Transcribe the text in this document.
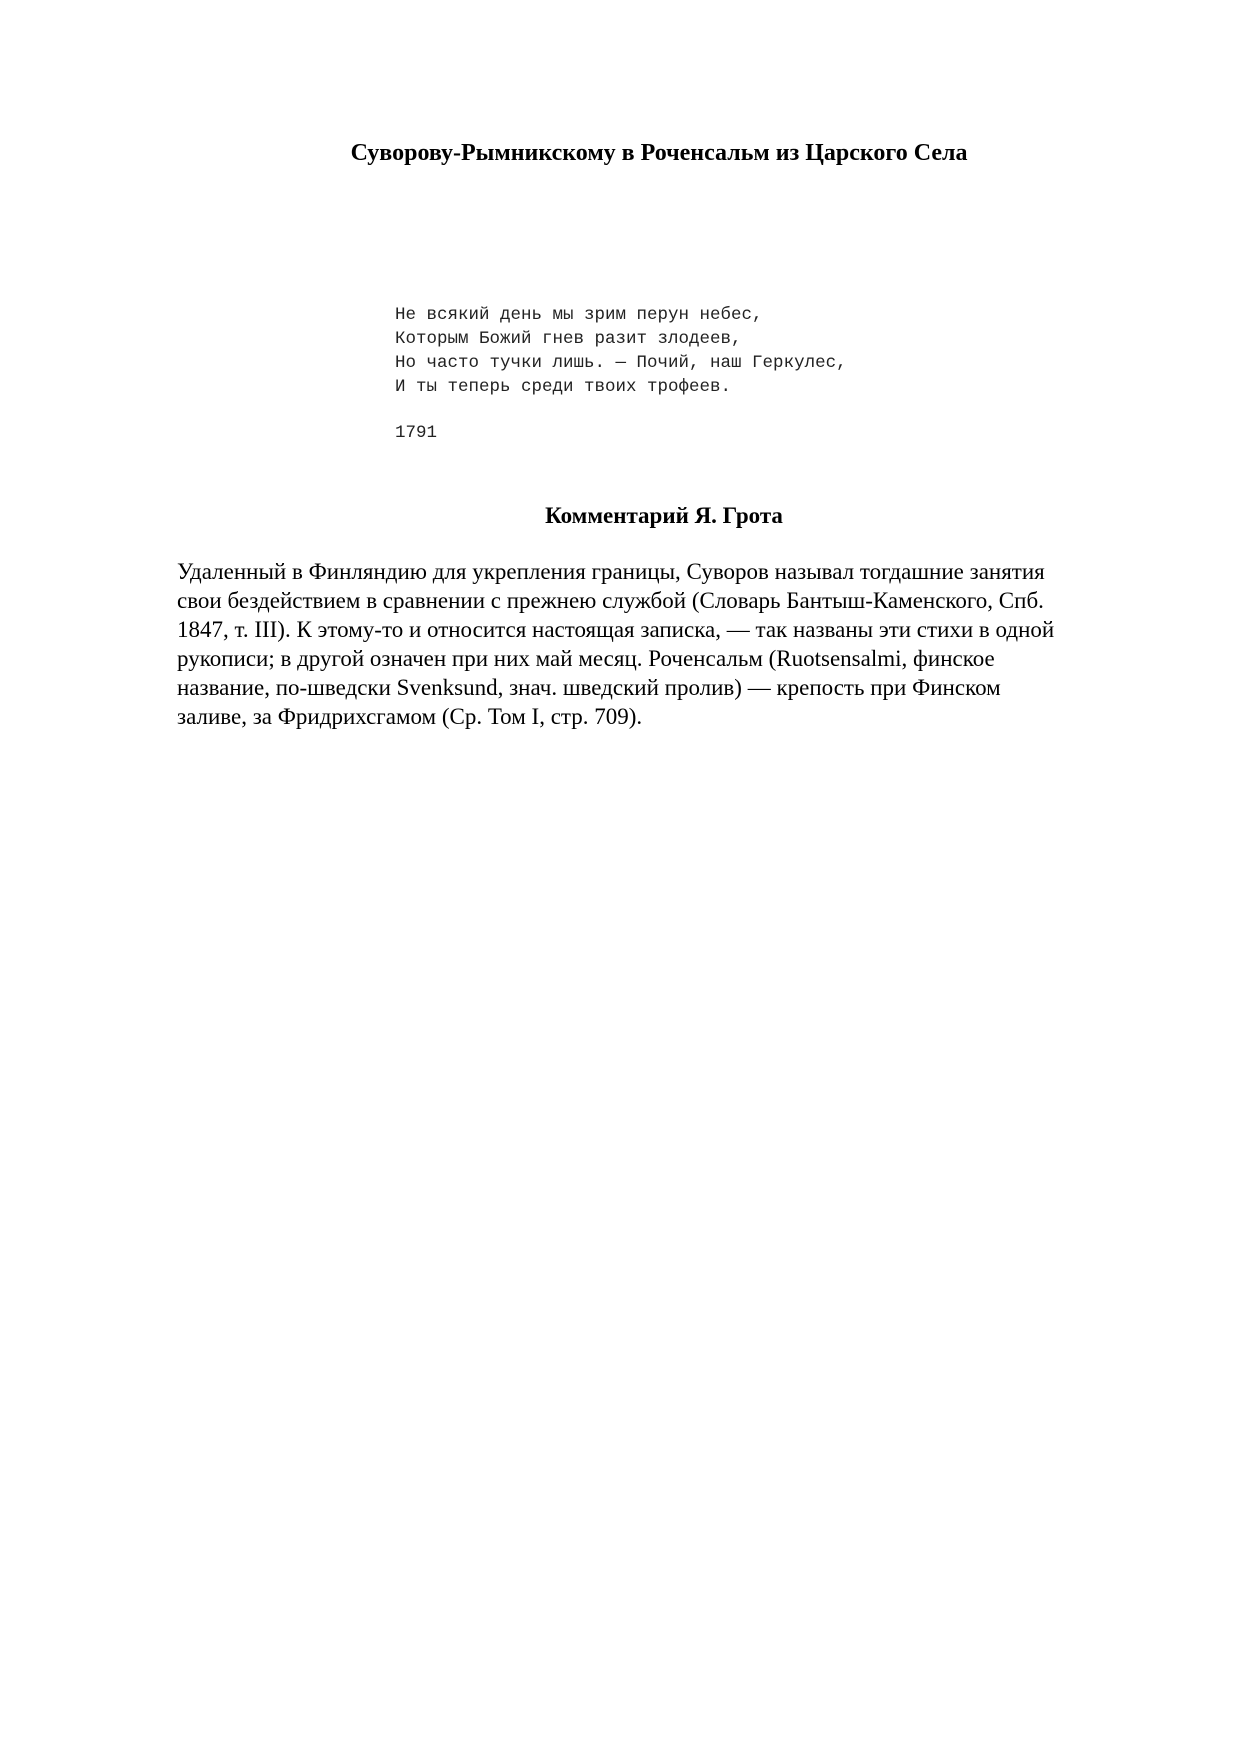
Суворову-Рымникскому в Роченсальм из Царского Села
Не всякий день мы зрим перун небес,
Которым Божий гнев разит злодеев,
Но часто тучки лишь. — Почий, наш Геркулес,
И ты теперь среди твоих трофеев.
1791
Комментарий Я. Грота
Удаленный в Финляндию для укрепления границы, Суворов называл тогдашние занятия
свои бездействием в сравнении с прежнею службой (Словарь Бантыш-Каменского, Спб.
1847, т. III). К этому-то и относится настоящая записка, — так названы эти стихи в одной
рукописи; в другой означен при них май месяц. Роченсальм (Ruotsensalmi, финское
название, по-шведски Svenksund, знач. шведский пролив) — крепость при Финском
заливе, за Фридрихсгамом (Ср. Том I, стр. 709).
